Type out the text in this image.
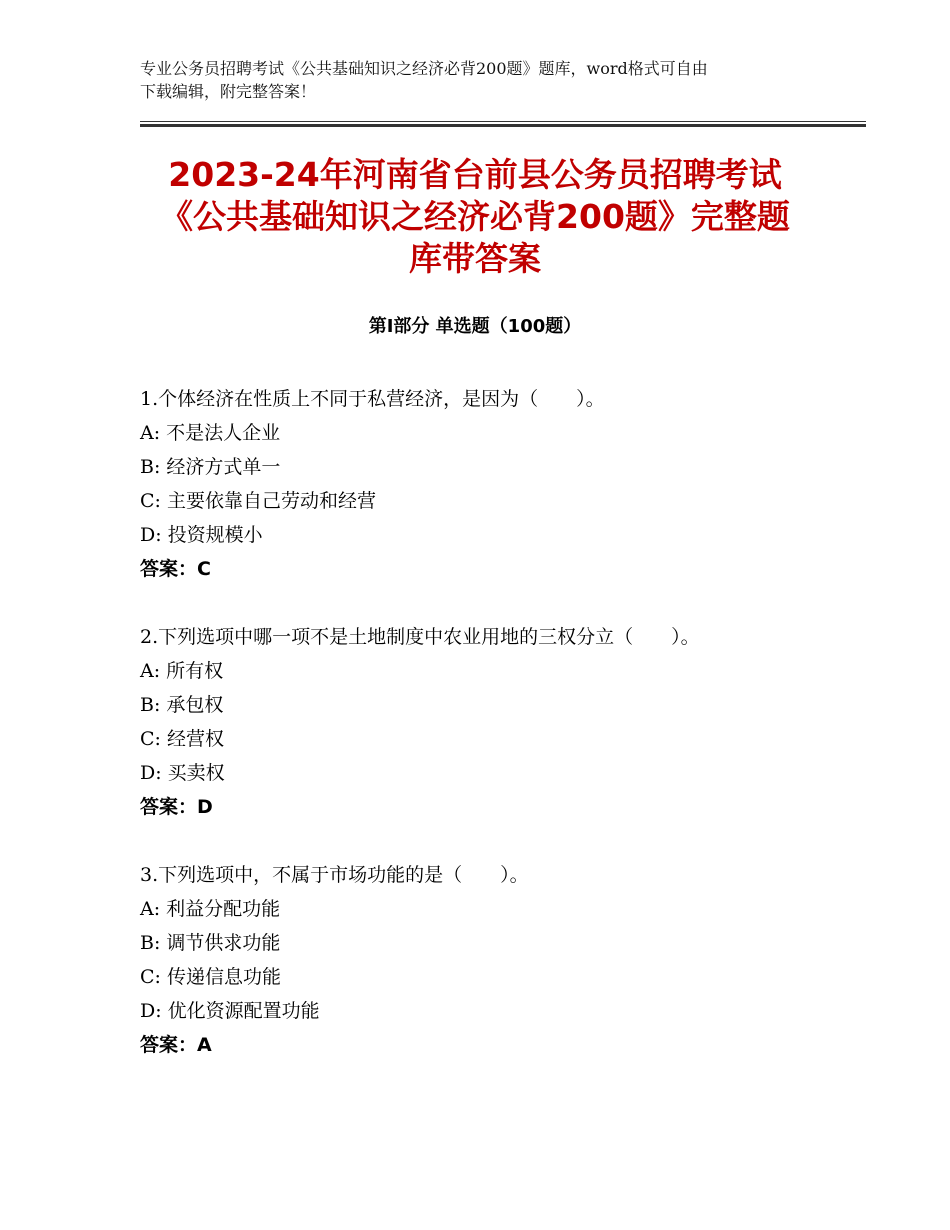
专业公务员招聘考试《公共基础知识之经济必背200题》题库，word格式可自由
下载编辑，附完整答案！
2023-24年河南省台前县公务员招聘考试
《公共基础知识之经济必背200题》完整题
库带答案
第Ⅰ部分 单选题（100题）
1.个体经济在性质上不同于私营经济，是因为（　　）。
A: 不是法人企业
B: 经济方式单一
C: 主要依靠自己劳动和经营
D: 投资规模小
答案：C
2.下列选项中哪一项不是土地制度中农业用地的三权分立（　　）。
A: 所有权
B: 承包权
C: 经营权
D: 买卖权
答案：D
3.下列选项中，不属于市场功能的是（　　）。
A: 利益分配功能
B: 调节供求功能
C: 传递信息功能
D: 优化资源配置功能
答案：A
